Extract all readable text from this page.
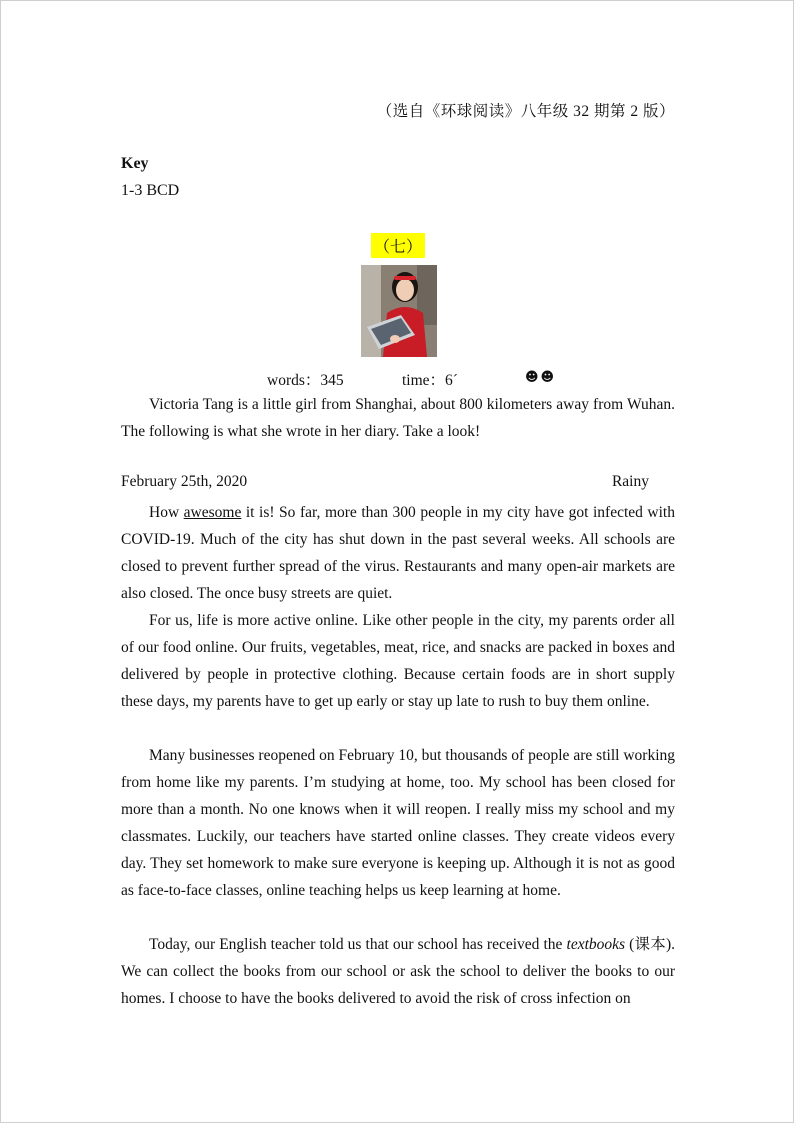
（选自《环球阅读》八年级 32 期第 2 版）
Key
1-3 BCD
（七）
words：345	time：6´	☻☻

Victoria Tang is a little girl from Shanghai, about 800 kilometers away from Wuhan. The following is what she wrote in her diary. Take a look!

February 25th, 2020	Rainy

How awesome it is! So far, more than 300 people in my city have got infected with COVID-19. Much of the city has shut down in the past several weeks. All schools are closed to prevent further spread of the virus. Restaurants and many open-air markets are also closed. The once busy streets are quiet.

For us, life is more active online. Like other people in the city, my parents order all of our food online. Our fruits, vegetables, meat, rice, and snacks are packed in boxes and delivered by people in protective clothing. Because certain foods are in short supply these days, my parents have to get up early or stay up late to rush to buy them online.

Many businesses reopened on February 10, but thousands of people are still working from home like my parents. I’m studying at home, too. My school has been closed for more than a month. No one knows when it will reopen. I really miss my school and my classmates. Luckily, our teachers have started online classes. They create videos every day. They set homework to make sure everyone is keeping up. Although it is not as good as face-to-face classes, online teaching helps us keep learning at home.

Today, our English teacher told us that our school has received the textbooks (课本). We can collect the books from our school or ask the school to deliver the books to our homes. I choose to have the books delivered to avoid the risk of cross infection on
